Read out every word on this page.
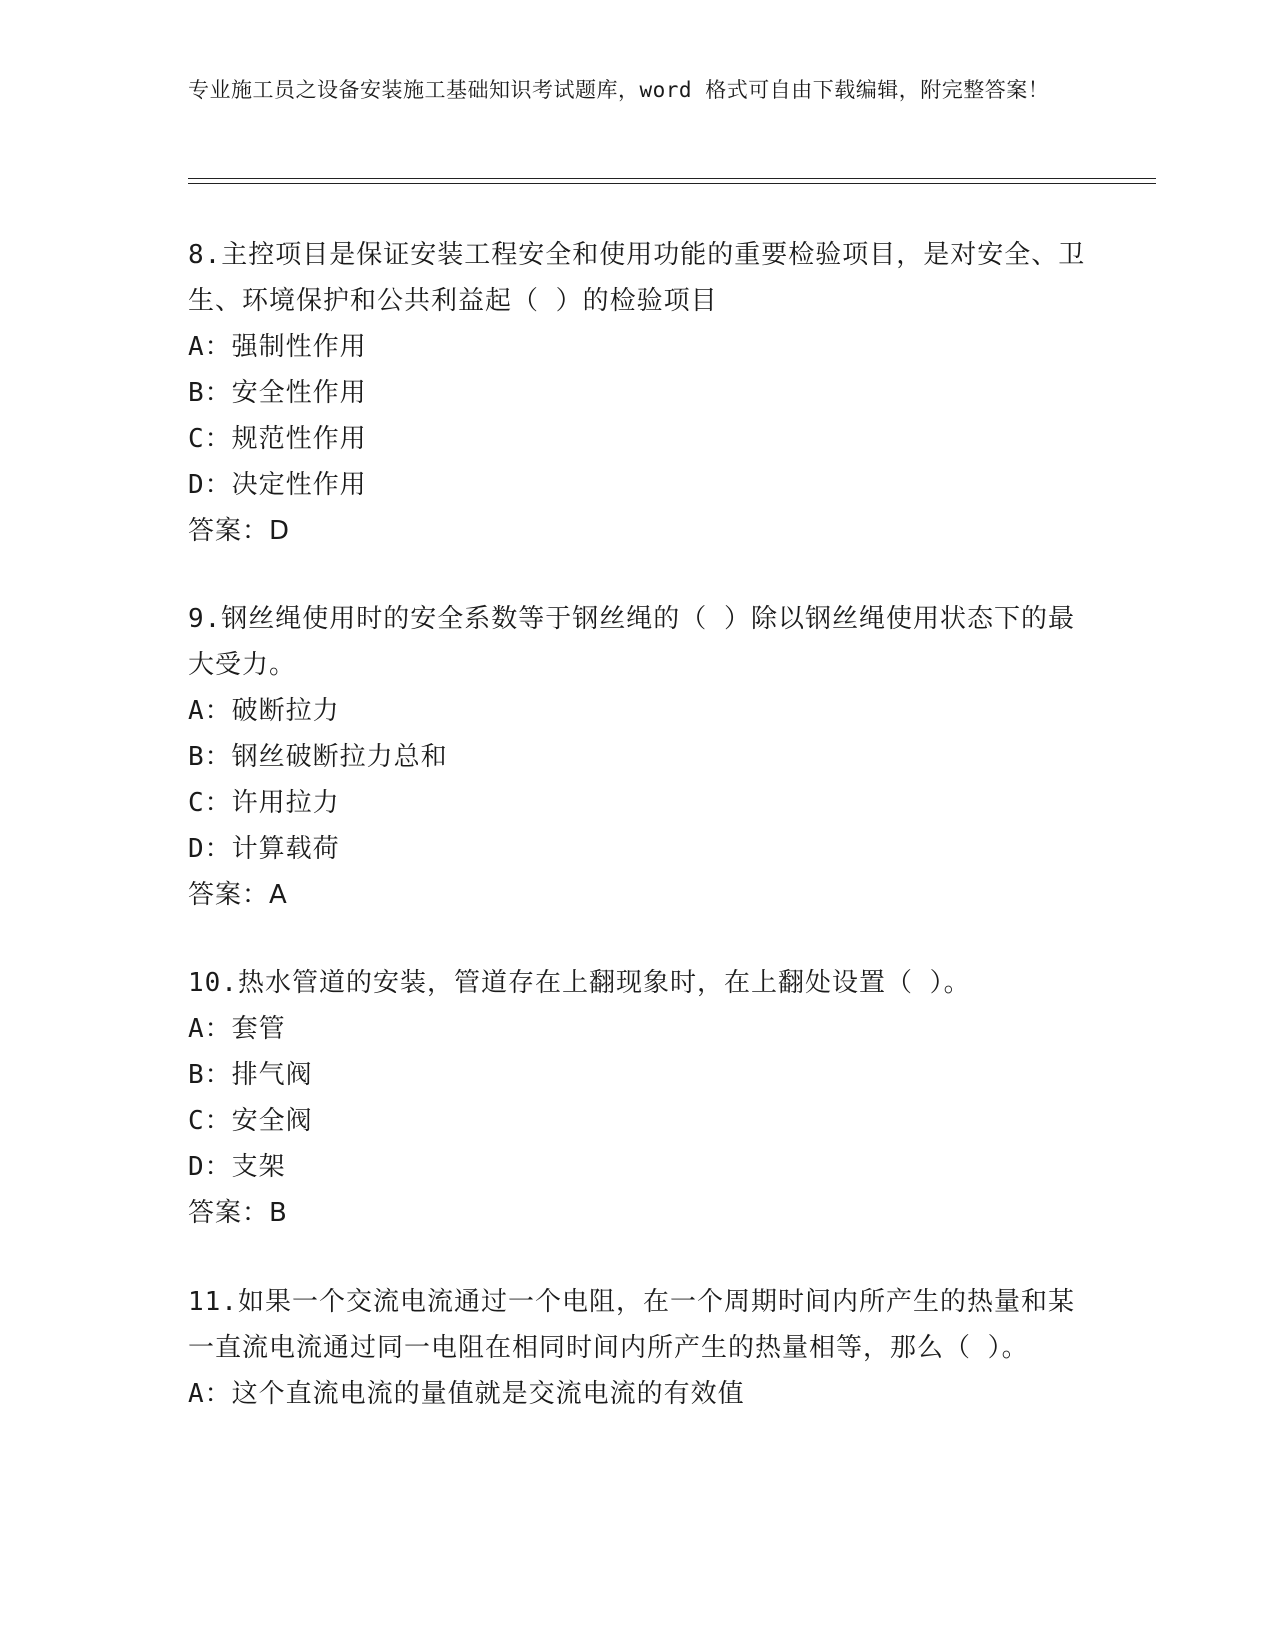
专业施工员之设备安装施工基础知识考试题库，word 格式可自由下载编辑，附完整答案！

8.主控项目是保证安装工程安全和使用功能的重要检验项目，是对安全、卫生、环境保护和公共利益起（ ）的检验项目

A：强制性作用

B：安全性作用

C：规范性作用

D：决定性作用

答案：D

9.钢丝绳使用时的安全系数等于钢丝绳的（ ）除以钢丝绳使用状态下的最大受力。

A：破断拉力

B：钢丝破断拉力总和

C：许用拉力

D：计算载荷

答案：A

10.热水管道的安装，管道存在上翻现象时，在上翻处设置（ ）。

A：套管

B：排气阀

C：安全阀

D：支架

答案：B

11.如果一个交流电流通过一个电阻，在一个周期时间内所产生的热量和某一直流电流通过同一电阻在相同时间内所产生的热量相等，那么（ ）。

A：这个直流电流的量值就是交流电流的有效值
